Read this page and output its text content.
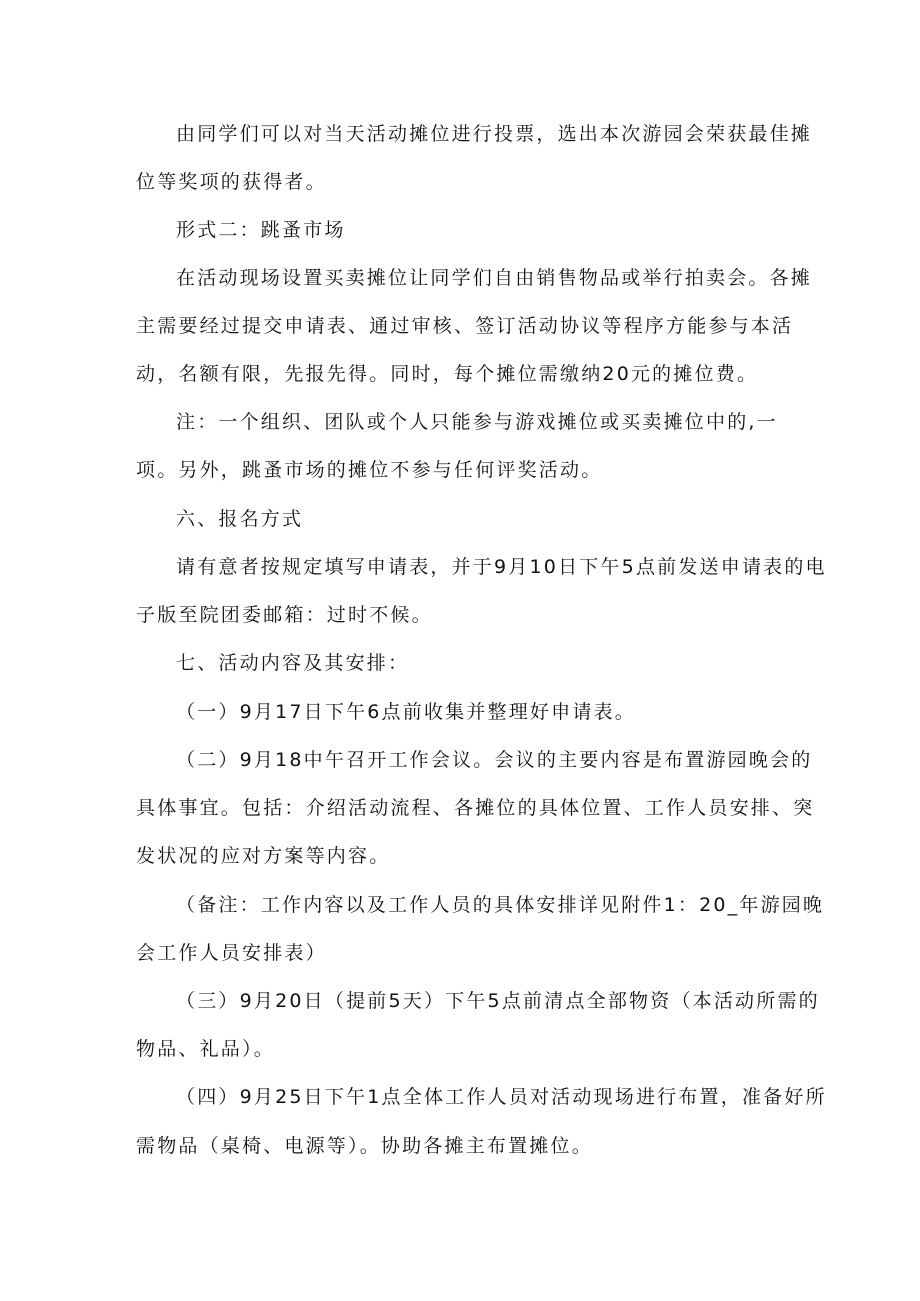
由同学们可以对当天活动摊位进行投票，选出本次游园会荣获最佳摊
位等奖项的获得者。
形式二：跳蚤市场
在活动现场设置买卖摊位让同学们自由销售物品或举行拍卖会。各摊
主需要经过提交申请表、通过审核、签订活动协议等程序方能参与本活
动，名额有限，先报先得。同时，每个摊位需缴纳20元的摊位费。
注：一个组织、团队或个人只能参与游戏摊位或买卖摊位中的,一
项。另外，跳蚤市场的摊位不参与任何评奖活动。
六、报名方式
请有意者按规定填写申请表，并于9月10日下午5点前发送申请表的电
子版至院团委邮箱：过时不候。
七、活动内容及其安排：
（一）9月17日下午6点前收集并整理好申请表。
（二）9月18中午召开工作会议。会议的主要内容是布置游园晚会的
具体事宜。包括：介绍活动流程、各摊位的具体位置、工作人员安排、突
发状况的应对方案等内容。
（备注：工作内容以及工作人员的具体安排详见附件1：20_年游园晚
会工作人员安排表）
（三）9月20日（提前5天）下午5点前清点全部物资（本活动所需的
物品、礼品）。
（四）9月25日下午1点全体工作人员对活动现场进行布置，准备好所
需物品（桌椅、电源等）。协助各摊主布置摊位。
